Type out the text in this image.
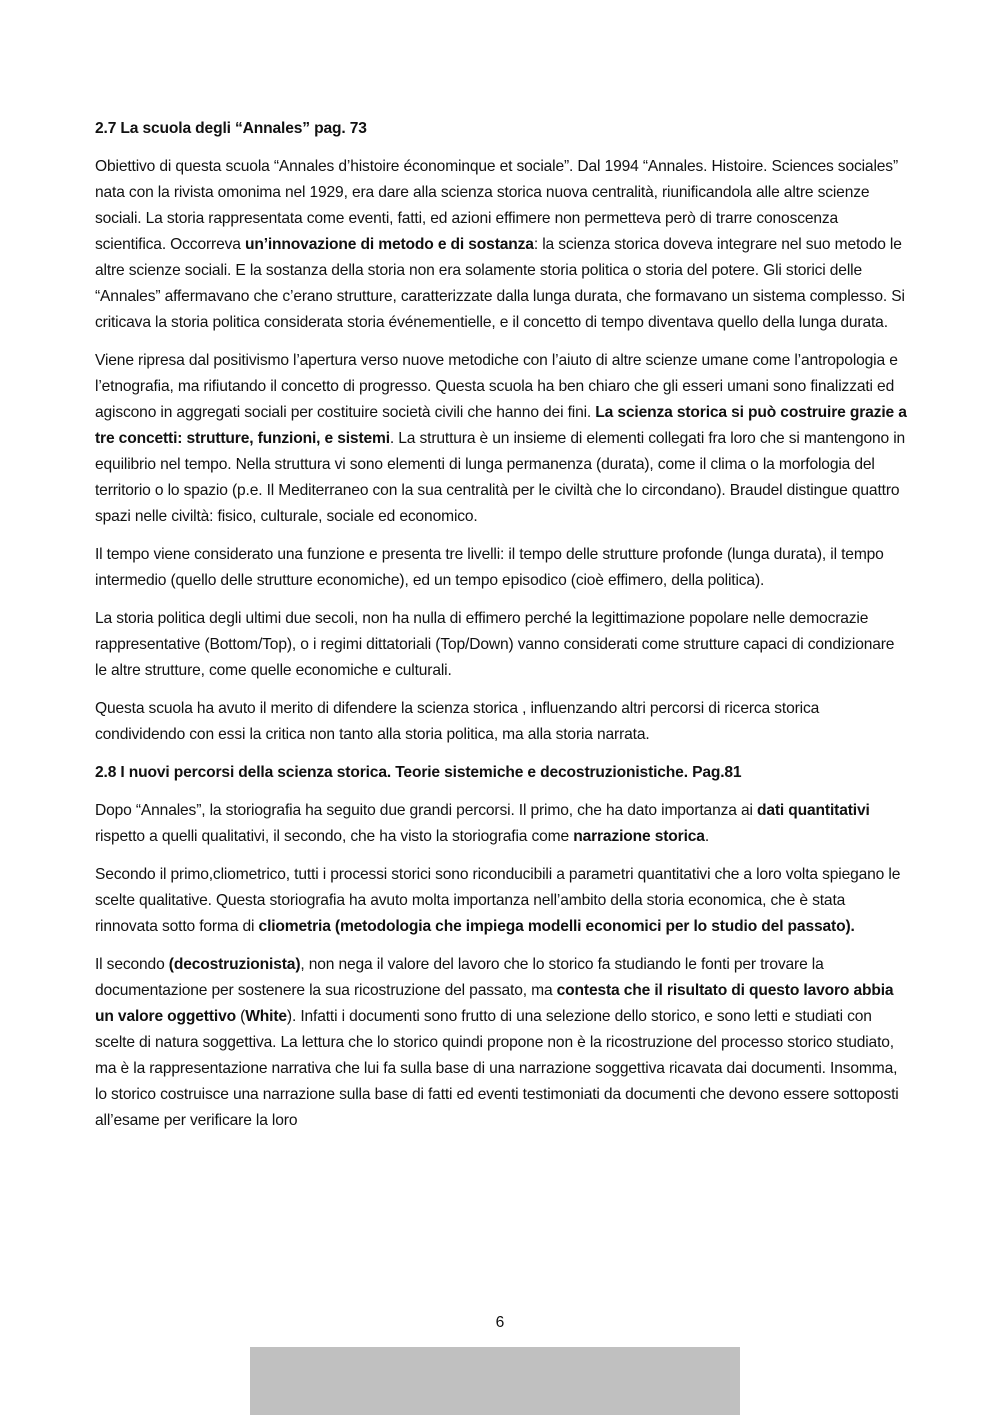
2.7 La scuola degli “Annales” pag. 73

Obiettivo di questa scuola “Annales d’histoire économinque et sociale”. Dal 1994 “Annales. Histoire. Sciences sociales” nata con la rivista omonima nel 1929, era dare alla scienza storica nuova centralità, riunificandola alle altre scienze sociali. La storia rappresentata come eventi, fatti, ed azioni effimere non permetteva però di trarre conoscenza scientifica. Occorreva un’innovazione di metodo e di sostanza: la scienza storica doveva integrare nel suo metodo le altre scienze sociali. E la sostanza della storia non era solamente storia politica o storia del potere. Gli storici delle “Annales” affermavano che c’erano strutture, caratterizzate dalla lunga durata, che formavano un sistema complesso. Si criticava la storia politica considerata storia événementielle, e il concetto di tempo diventava quello della lunga durata.

Viene ripresa dal positivismo l’apertura verso nuove metodiche con l’aiuto di altre scienze umane come l’antropologia e l’etnografia, ma rifiutando il concetto di progresso. Questa scuola ha ben chiaro che gli esseri umani sono finalizzati ed agiscono in aggregati sociali per costituire società civili che hanno dei fini. La scienza storica si può costruire grazie a tre concetti: strutture, funzioni, e sistemi. La struttura è un insieme di elementi collegati fra loro che si mantengono in equilibrio nel tempo. Nella struttura vi sono elementi di lunga permanenza (durata), come il clima o la morfologia del territorio o lo spazio (p.e. Il Mediterraneo con la sua centralità per le civiltà che lo circondano). Braudel distingue quattro spazi nelle civiltà: fisico, culturale, sociale ed economico.

Il tempo viene considerato una funzione e presenta tre livelli: il tempo delle strutture profonde (lunga durata), il tempo intermedio (quello delle strutture economiche), ed un tempo episodico (cioè effimero, della politica).

La storia politica degli ultimi due secoli, non ha nulla di effimero perché la legittimazione popolare nelle democrazie rappresentative (Bottom/Top), o i regimi dittatoriali (Top/Down) vanno considerati come strutture capaci di condizionare le altre strutture, come quelle economiche e culturali.

Questa scuola ha avuto il merito di difendere la scienza storica , influenzando altri percorsi di ricerca storica condividendo con essi la critica non tanto alla storia politica, ma alla storia narrata.

2.8 I nuovi percorsi della scienza storica. Teorie sistemiche e decostruzionistiche. Pag.81

Dopo “Annales”, la storiografia ha seguito due grandi percorsi. Il primo, che ha dato importanza ai dati quantitativi rispetto a quelli qualitativi, il secondo, che ha visto la storiografia come narrazione storica.

Secondo il primo,cliometrico, tutti i processi storici sono riconducibili a parametri quantitativi che a loro volta spiegano le scelte qualitative. Questa storiografia ha avuto molta importanza nell’ambito della storia economica, che è stata rinnovata sotto forma di cliometria (metodologia che impiega modelli economici per lo studio del passato).

Il secondo (decostruzionista), non nega il valore del lavoro che lo storico fa studiando le fonti per trovare la documentazione per sostenere la sua ricostruzione del passato, ma contesta che il risultato di questo lavoro abbia un valore oggettivo (White). Infatti i documenti sono frutto di una selezione dello storico, e sono letti e studiati con scelte di natura soggettiva. La lettura che lo storico quindi propone non è la ricostruzione del processo storico studiato, ma è la rappresentazione narrativa che lui fa sulla base di una narrazione soggettiva ricavata dai documenti. Insomma, lo storico costruisce una narrazione sulla base di fatti ed eventi testimoniati da documenti che devono essere sottoposti all’esame per verificare la loro

6
